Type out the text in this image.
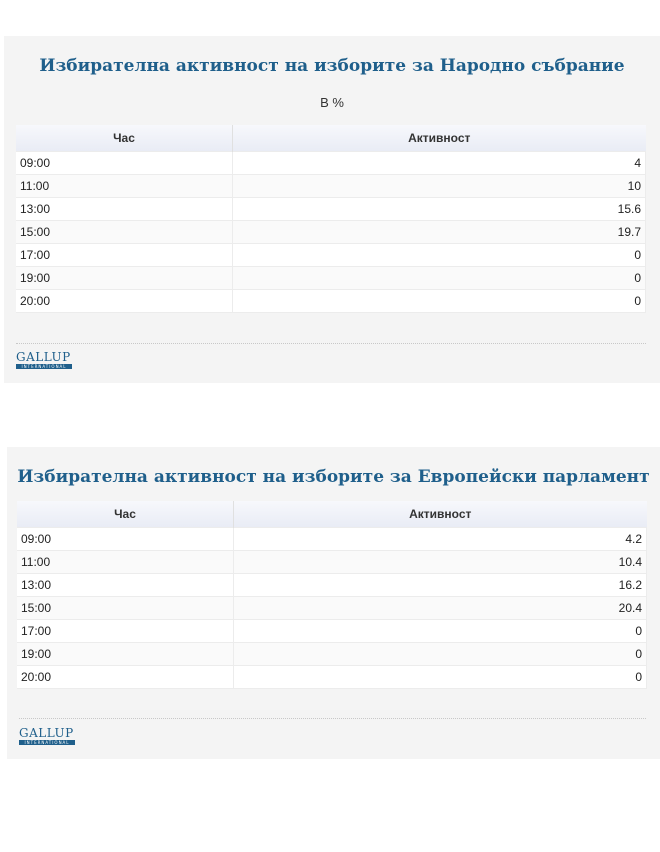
Избирателна активност на изборите за Народно събрание
В %
Час	Активност
09:00	4
11:00	10
13:00	15.6
15:00	19.7
17:00	0
19:00	0
20:00	0
GALLUP
INTERNATIONAL
Избирателна активност на изборите за Европейски парламент
Час	Активност
09:00	4.2
11:00	10.4
13:00	16.2
15:00	20.4
17:00	0
19:00	0
20:00	0
GALLUP
INTERNATIONAL
